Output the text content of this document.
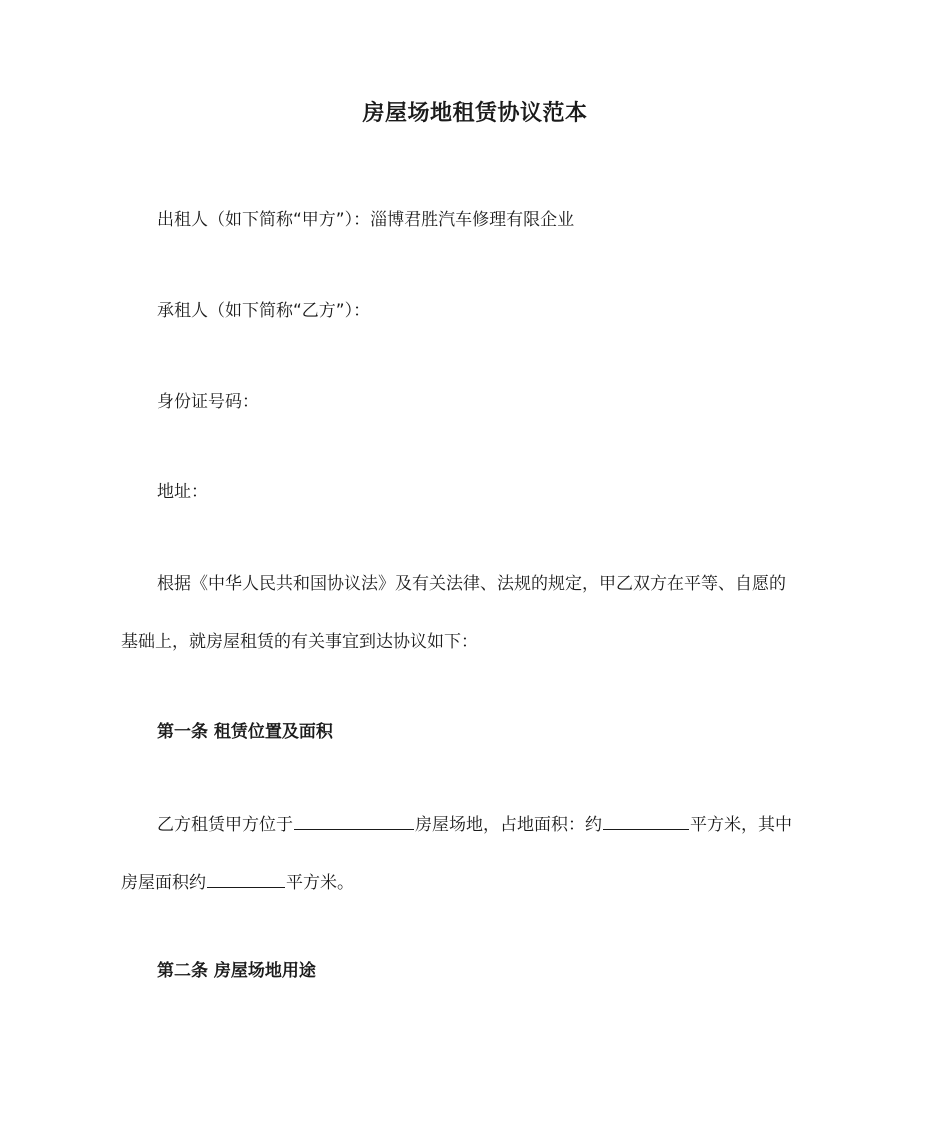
房屋场地租赁协议范本
出租人（如下简称“甲方”）：淄博君胜汽车修理有限企业
承租人（如下简称“乙方”）：
身份证号码：
地址：
根据《中华人民共和国协议法》及有关法律、法规的规定，甲乙双方在平等、自愿的
基础上，就房屋租赁的有关事宜到达协议如下：
第一条 租赁位置及面积
乙方租赁甲方位于	房屋场地，占地面积：约	平方米，其中
房屋面积约	平方米。
第二条 房屋场地用途
